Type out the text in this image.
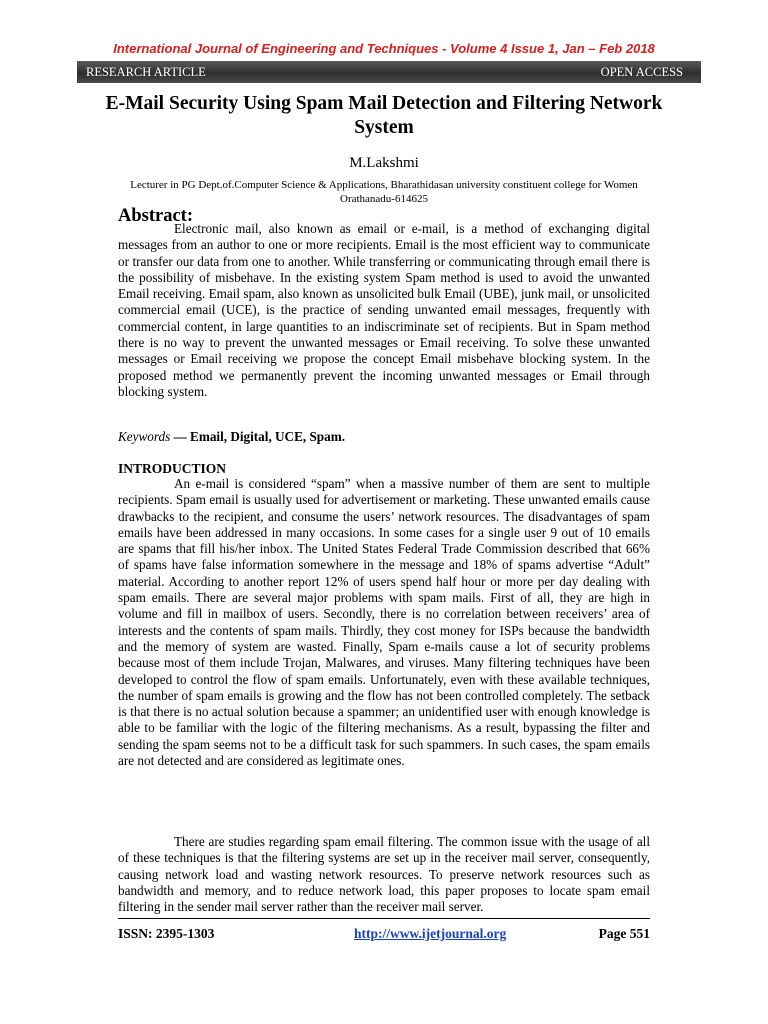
International Journal of Engineering and Techniques - Volume 4 Issue 1, Jan – Feb 2018
RESEARCH ARTICLE	OPEN ACCESS
E-Mail Security Using Spam Mail Detection and Filtering Network System
M.Lakshmi
Lecturer in PG Dept.of.Computer Science & Applications, Bharathidasan university constituent college for Women Orathanadu-614625
Abstract:

Electronic mail, also known as email or e-mail, is a method of exchanging digital messages from an author to one or more recipients. Email is the most efficient way to communicate or transfer our data from one to another. While transferring or communicating through email there is the possibility of misbehave. In the existing system Spam method is used to avoid the unwanted Email receiving. Email spam, also known as unsolicited bulk Email (UBE), junk mail, or unsolicited commercial email (UCE), is the practice of sending unwanted email messages, frequently with commercial content, in large quantities to an indiscriminate set of recipients. But in Spam method there is no way to prevent the unwanted messages or Email receiving. To solve these unwanted messages or Email receiving we propose the concept Email misbehave blocking system. In the proposed method we permanently prevent the incoming unwanted messages or Email through blocking system.

Keywords — Email, Digital, UCE, Spam.
INTRODUCTION

An e-mail is considered “spam” when a massive number of them are sent to multiple recipients. Spam email is usually used for advertisement or marketing. These unwanted emails cause drawbacks to the recipient, and consume the users’ network resources. The disadvantages of spam emails have been addressed in many occasions. In some cases for a single user 9 out of 10 emails are spams that fill his/her inbox. The United States Federal Trade Commission described that 66% of spams have false information somewhere in the message and 18% of spams advertise “Adult” material. According to another report 12% of users spend half hour or more per day dealing with spam emails. There are several major problems with spam mails. First of all, they are high in volume and fill in mailbox of users. Secondly, there is no correlation between receivers’ area of interests and the contents of spam mails. Thirdly, they cost money for ISPs because the bandwidth and the memory of system are wasted. Finally, Spam e-mails cause a lot of security problems because most of them include Trojan, Malwares, and viruses. Many filtering techniques have been developed to control the flow of spam emails. Unfortunately, even with these available techniques, the number of spam emails is growing and the flow has not been controlled completely. The setback is that there is no actual solution because a spammer; an unidentified user with enough knowledge is able to be familiar with the logic of the filtering mechanisms. As a result, bypassing the filter and sending the spam seems not to be a difficult task for such spammers. In such cases, the spam emails are not detected and are considered as legitimate ones.

There are studies regarding spam email filtering. The common issue with the usage of all of these techniques is that the filtering systems are set up in the receiver mail server, consequently, causing network load and wasting network resources. To preserve network resources such as bandwidth and memory, and to reduce network load, this paper proposes to locate spam email filtering in the sender mail server rather than the receiver mail server.

ISSN: 2395-1303	http://www.ijetjournal.org	Page 551
